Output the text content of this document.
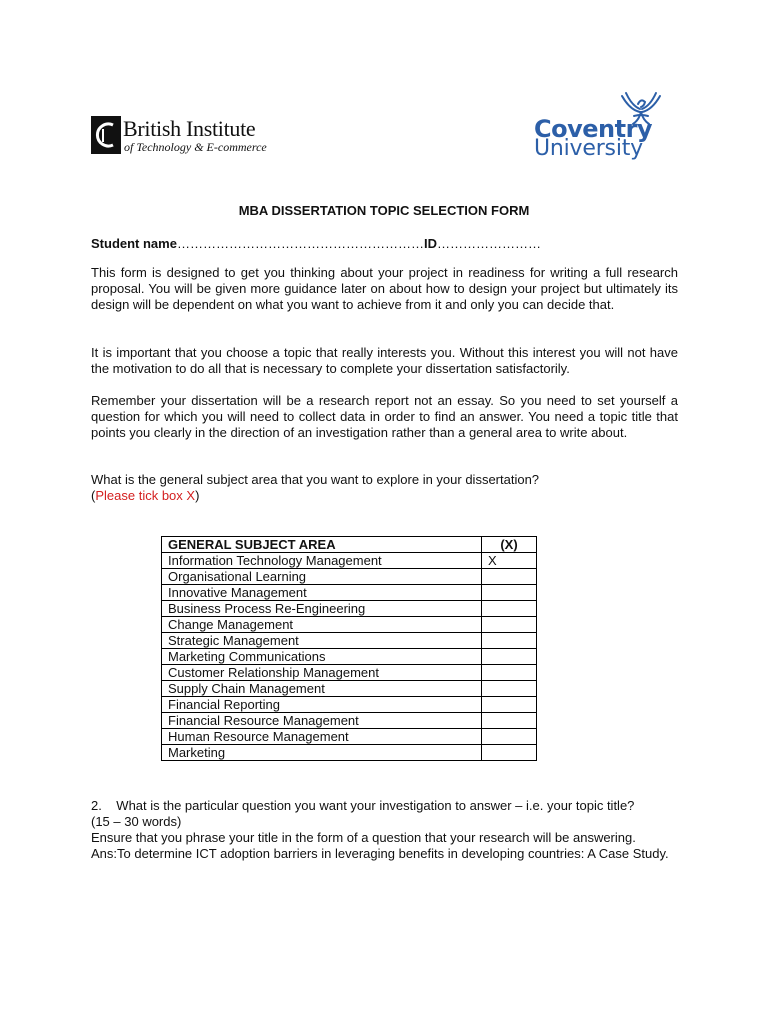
British Institute
of Technology & E-commerce
Coventry
University
MBA DISSERTATION TOPIC SELECTION FORM
Student name…………………………………………………ID……………………

This form is designed to get you thinking about your project in readiness for writing a full research proposal. You will be given more guidance later on about how to design your project but ultimately its design will be dependent on what you want to achieve from it and only you can decide that.

It is important that you choose a topic that really interests you. Without this interest you will not have the motivation to do all that is necessary to complete your dissertation satisfactorily.

Remember your dissertation will be a research report not an essay. So you need to set yourself a question for which you will need to collect data in order to find an answer. You need a topic title that points you clearly in the direction of an investigation rather than a general area to write about.

What is the general subject area that you want to explore in your dissertation?

(Please tick box X)

GENERAL SUBJECT AREA	(X)
Information Technology Management	X
Organisational Learning	
Innovative Management	
Business Process Re-Engineering	
Change Management	
Strategic Management	
Marketing Communications	
Customer Relationship Management	
Supply Chain Management	
Financial Reporting	
Financial Resource Management	
Human Resource Management	
Marketing	

2. What is the particular question you want your investigation to answer – i.e. your topic title?

(15 – 30 words)

Ensure that you phrase your title in the form of a question that your research will be answering.

Ans:To determine ICT adoption barriers in leveraging benefits in developing countries: A Case Study.
